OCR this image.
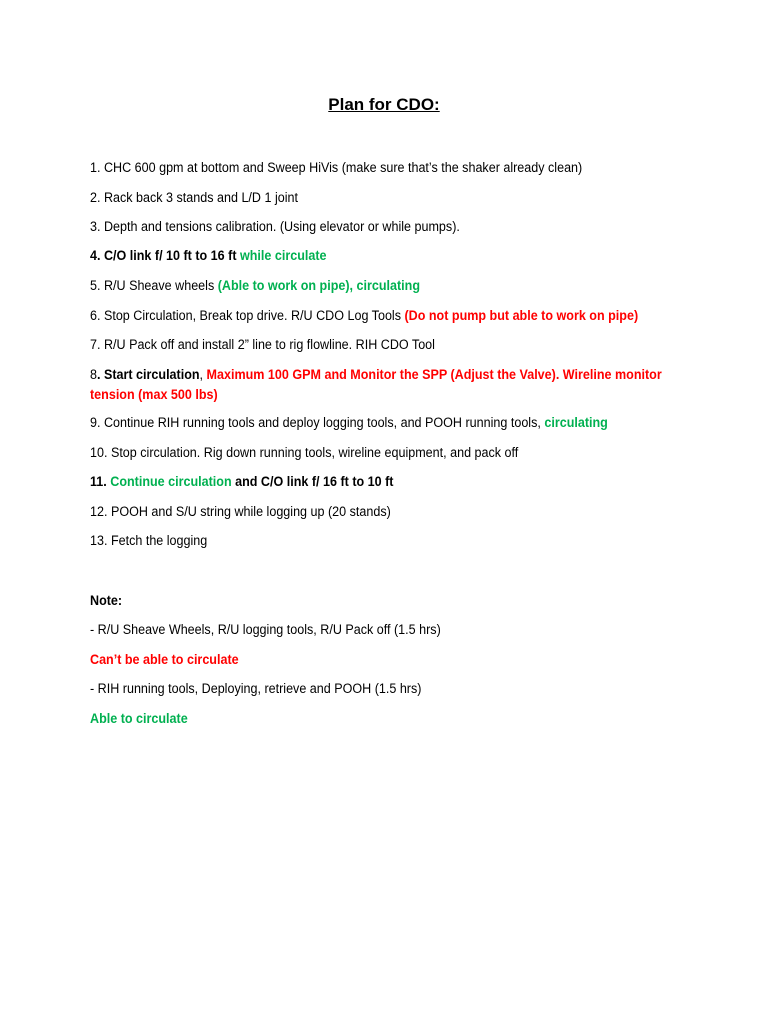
Plan for CDO:
1. CHC 600 gpm at bottom and Sweep HiVis (make sure that’s the shaker already clean)
2. Rack back 3 stands and L/D 1 joint
3. Depth and tensions calibration. (Using elevator or while pumps).
4. C/O link f/ 10 ft to 16 ft while circulate
5. R/U Sheave wheels (Able to work on pipe), circulating
6. Stop Circulation, Break top drive. R/U CDO Log Tools (Do not pump but able to work on pipe)
7. R/U Pack off and install 2” line to rig flowline. RIH CDO Tool
8. Start circulation, Maximum 100 GPM and Monitor the SPP (Adjust the Valve). Wireline monitor tension (max 500 lbs)
9. Continue RIH running tools and deploy logging tools, and POOH running tools, circulating
10. Stop circulation. Rig down running tools, wireline equipment, and pack off
11. Continue circulation and C/O link f/ 16 ft to 10 ft
12. POOH and S/U string while logging up (20 stands)
13. Fetch the logging
Note:
- R/U Sheave Wheels, R/U logging tools, R/U Pack off (1.5 hrs)
Can’t be able to circulate
- RIH running tools, Deploying, retrieve and POOH (1.5 hrs)
Able to circulate
